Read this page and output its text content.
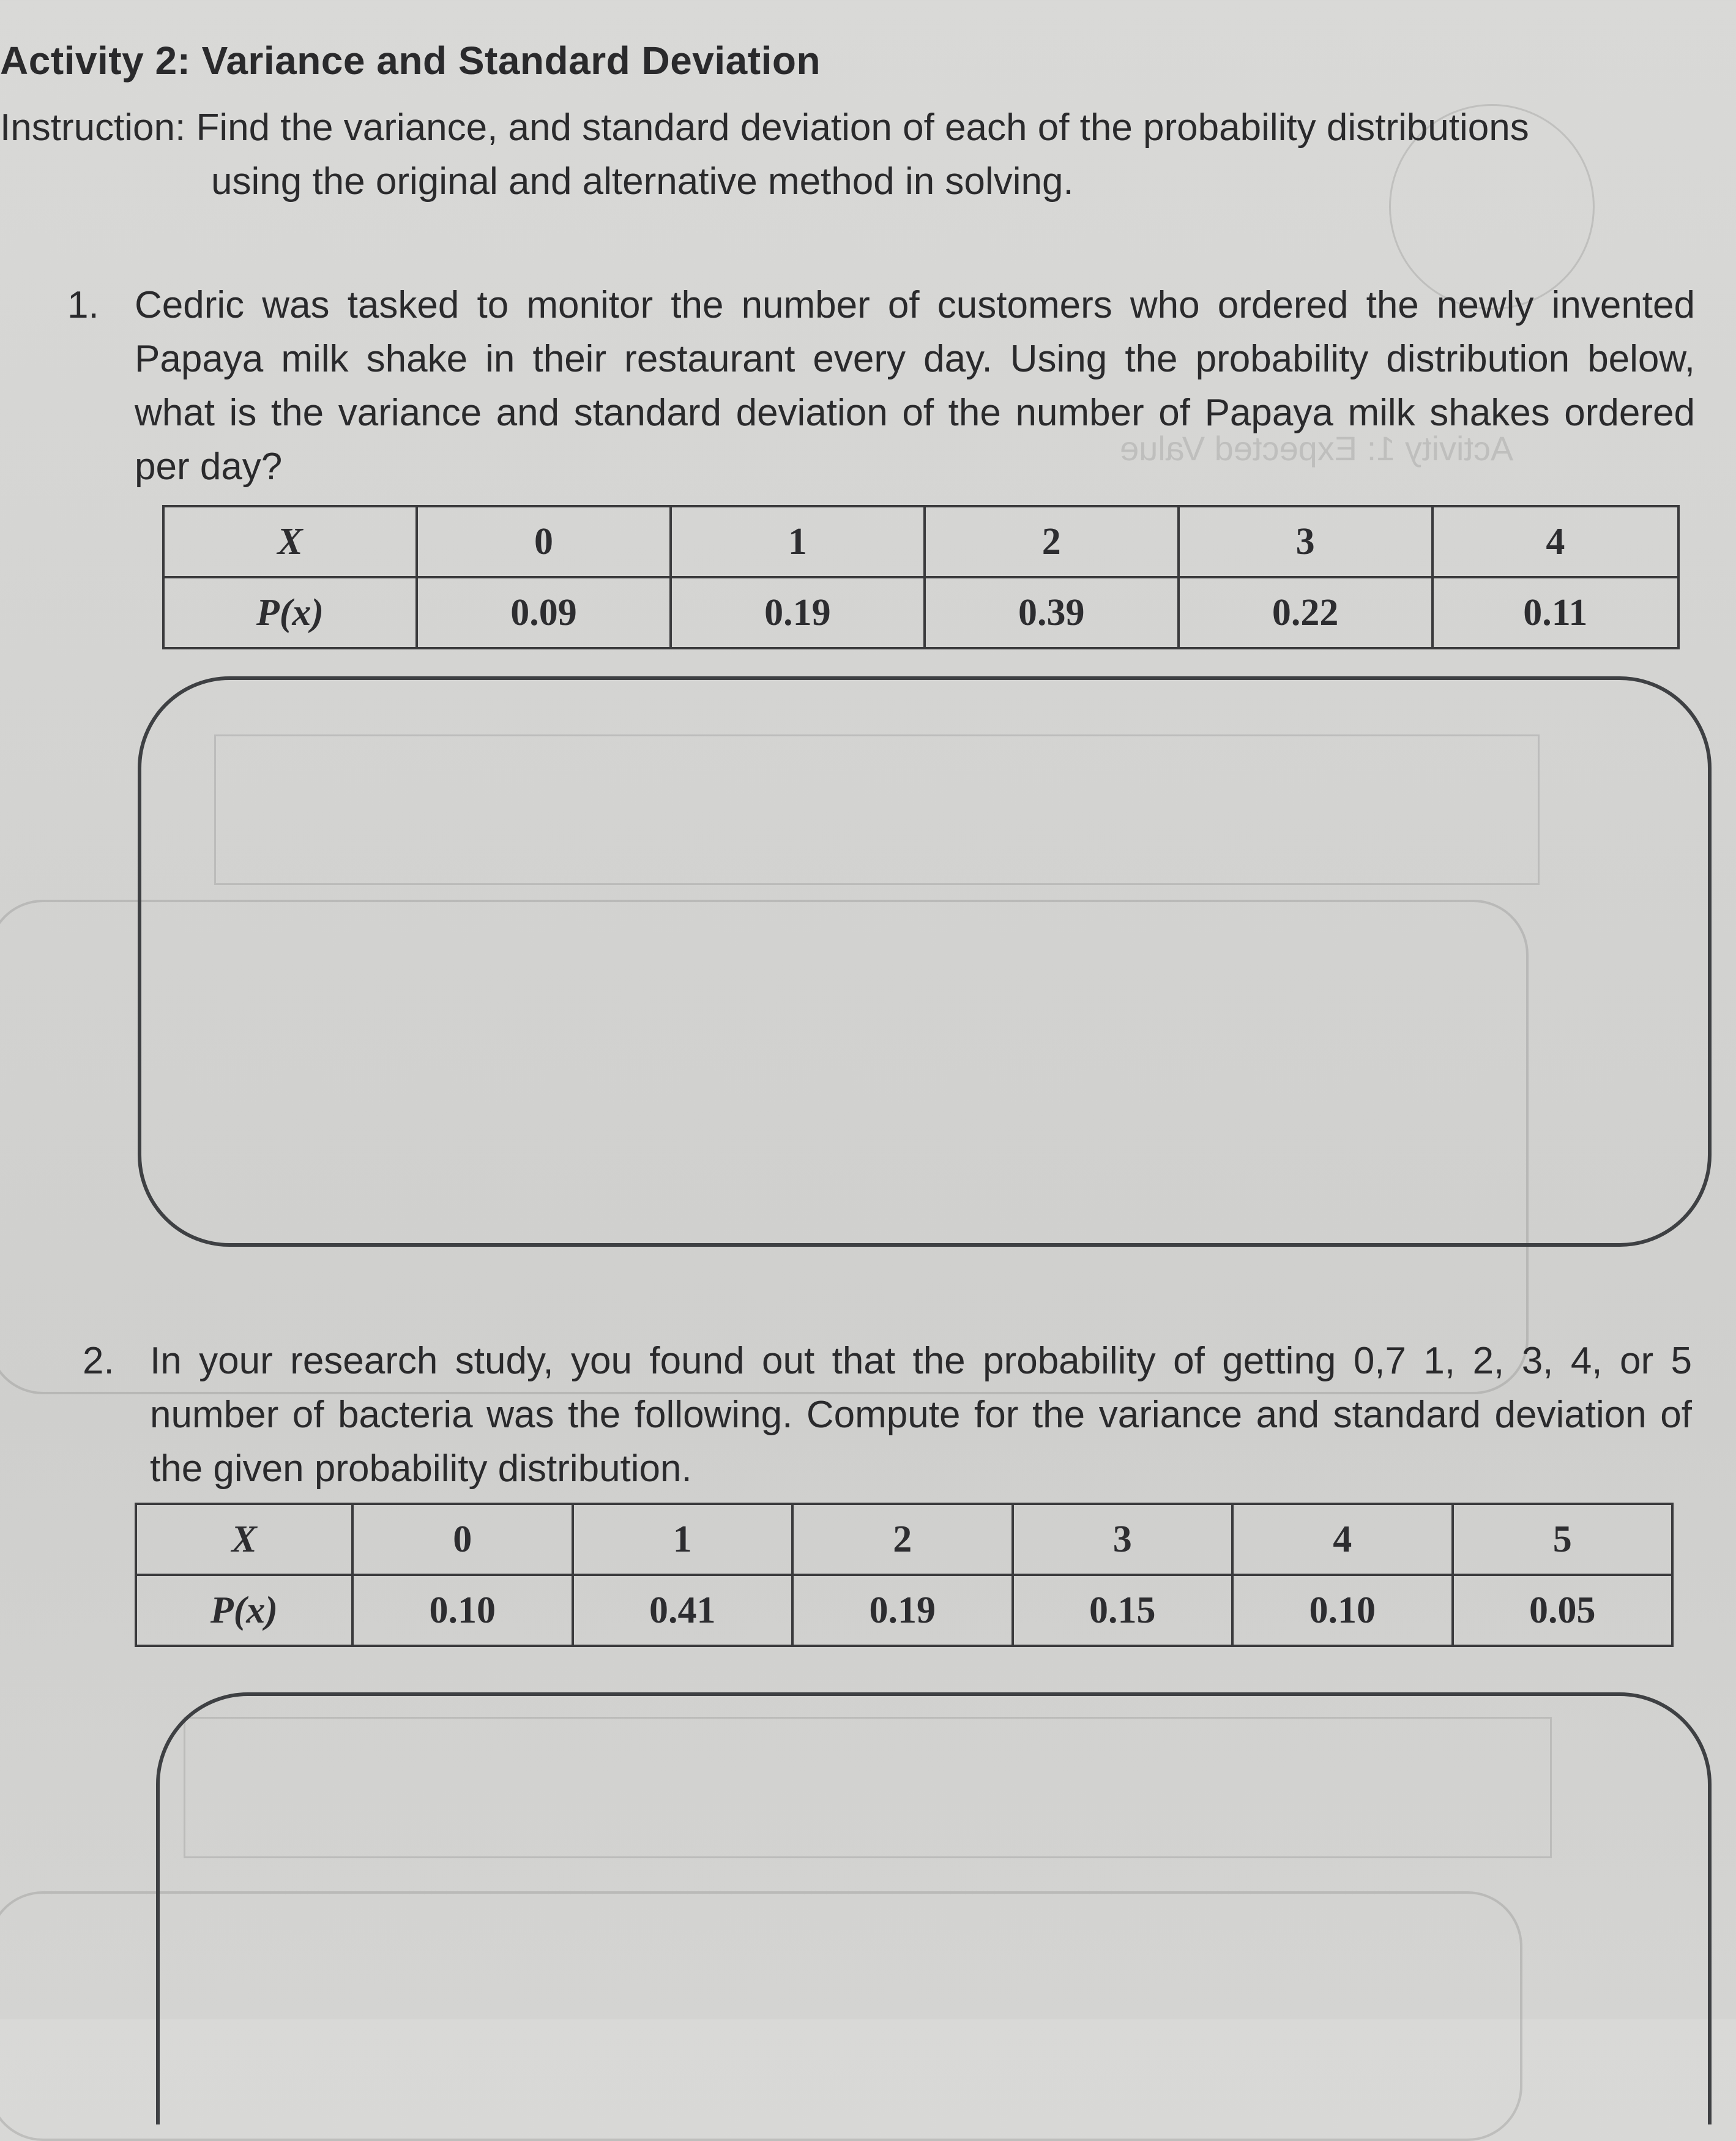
Activity 1: Expected Value
Activity 2: Variance and Standard Deviation
Instruction: Find the variance, and standard deviation of each of the probability distributions
using the original and alternative method in solving.
1. Cedric was tasked to monitor the number of customers who ordered the newly invented Papaya milk shake in their restaurant every day. Using the probability distribution below, what is the variance and standard deviation of the number of Papaya milk shakes ordered per day?
X	0	1	2	3	4
P(x)	0.09	0.19	0.39	0.22	0.11
2. In your research study, you found out that the probability of getting 0,7 1, 2, 3, 4, or 5 number of bacteria was the following. Compute for the variance and standard deviation of the given probability distribution.
X	0	1	2	3	4	5
P(x)	0.10	0.41	0.19	0.15	0.10	0.05
